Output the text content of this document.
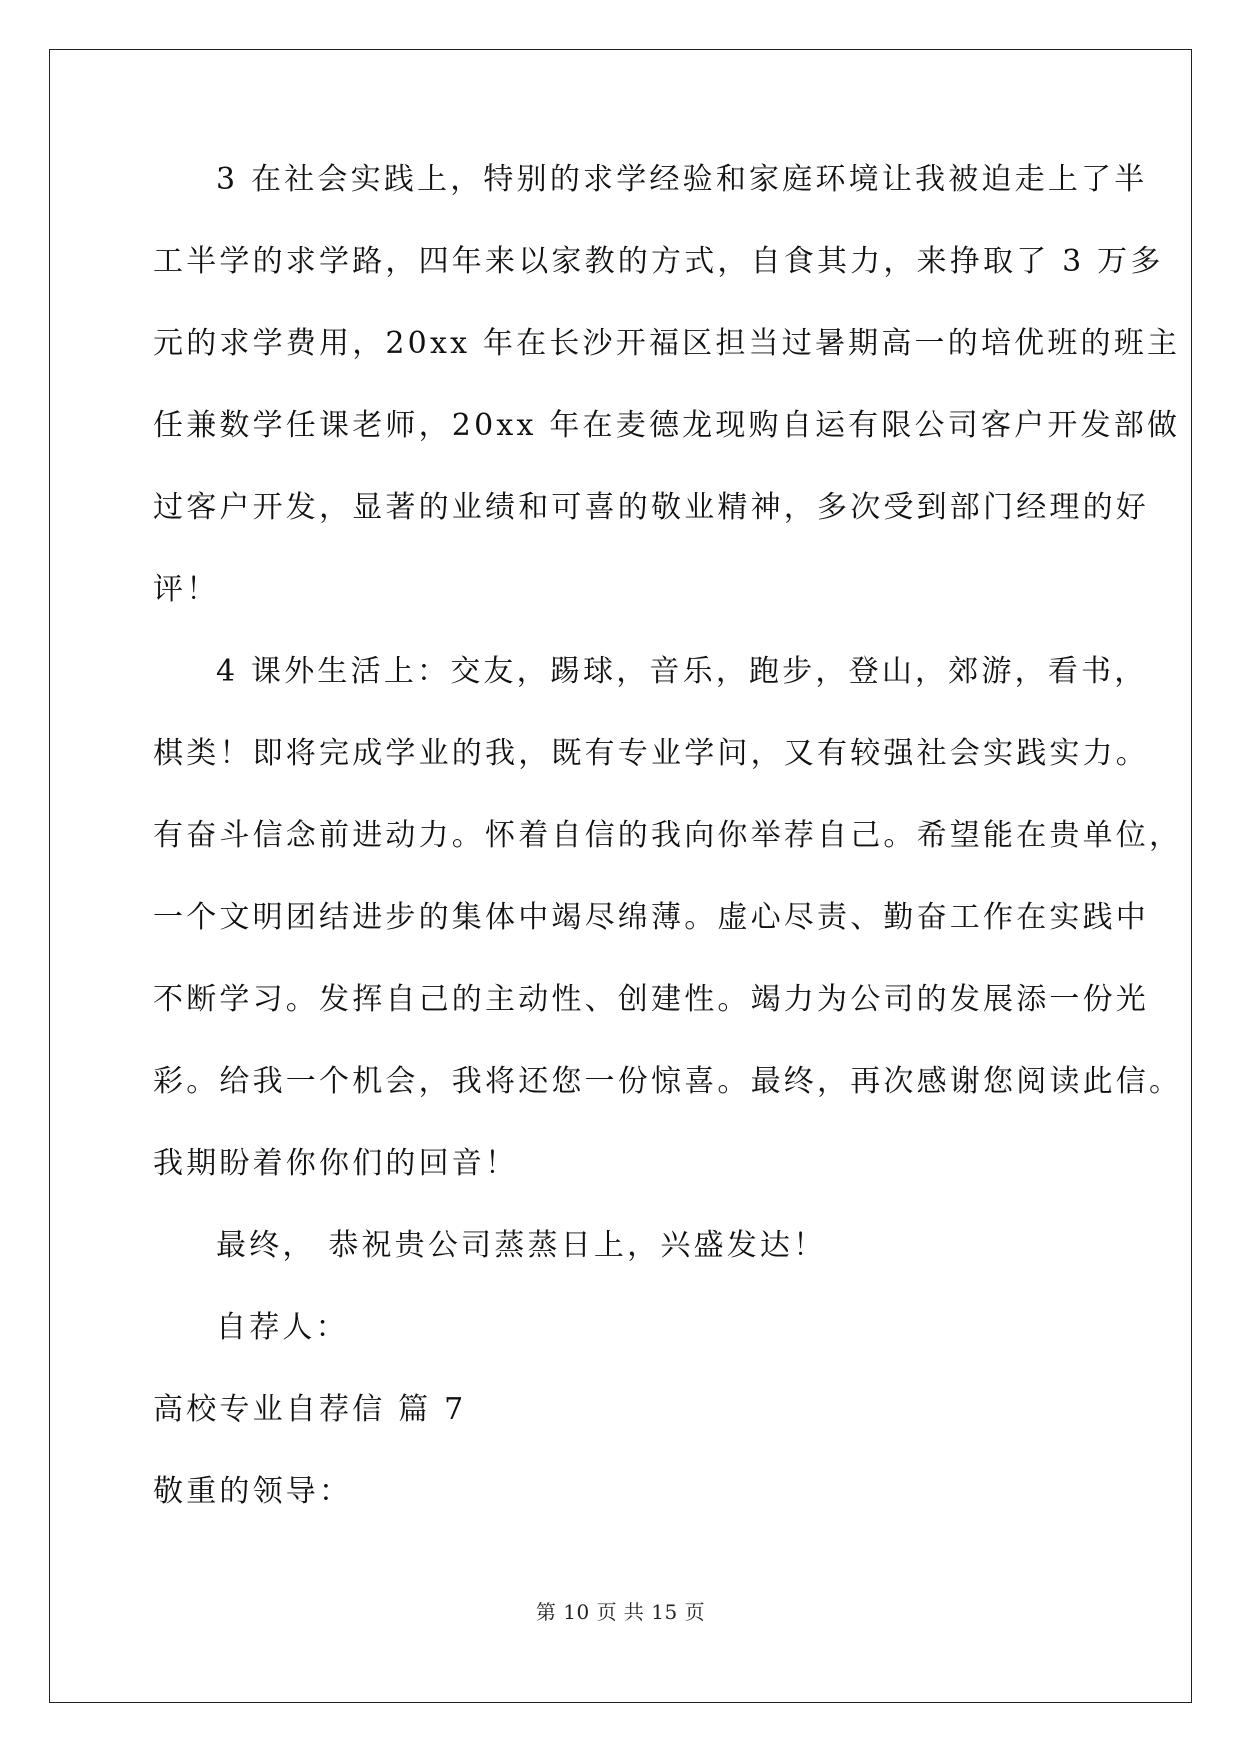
3 在社会实践上，特别的求学经验和家庭环境让我被迫走上了半
工半学的求学路，四年来以家教的方式，自食其力，来挣取了 3 万多
元的求学费用，20xx 年在长沙开福区担当过暑期高一的培优班的班主
任兼数学任课老师，20xx 年在麦德龙现购自运有限公司客户开发部做
过客户开发，显著的业绩和可喜的敬业精神，多次受到部门经理的好
评！
4 课外生活上：交友，踢球，音乐，跑步，登山，郊游，看书，
棋类！即将完成学业的我，既有专业学问，又有较强社会实践实力。
有奋斗信念前进动力。怀着自信的我向你举荐自己。希望能在贵单位，
一个文明团结进步的集体中竭尽绵薄。虚心尽责、勤奋工作在实践中
不断学习。发挥自己的主动性、创建性。竭力为公司的发展添一份光
彩。给我一个机会，我将还您一份惊喜。最终，再次感谢您阅读此信。
我期盼着你你们的回音！
最终， 恭祝贵公司蒸蒸日上，兴盛发达！
自荐人：
高校专业自荐信 篇 7
敬重的领导：
第 10 页 共 15 页
